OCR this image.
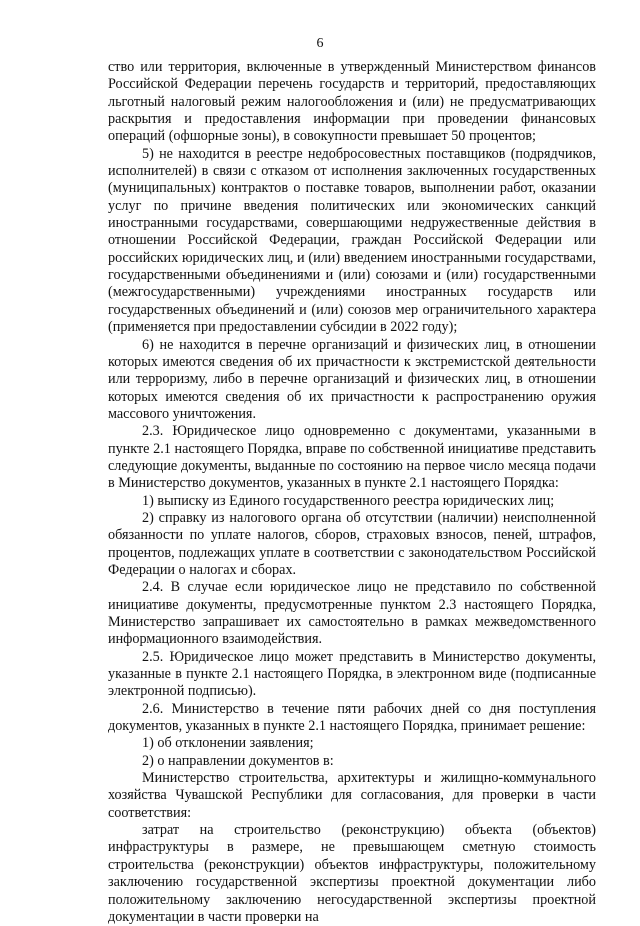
6

ство или территория, включенные в утвержденный Министерством финансов Российской Федерации перечень государств и территорий, предоставляющих льготный налоговый режим налогообложения и (или) не предусматривающих раскрытия и предоставления информации при проведении финансовых операций (офшорные зоны), в совокупности превышает 50 процентов;

5) не находится в реестре недобросовестных поставщиков (подрядчиков, исполнителей) в связи с отказом от исполнения заключенных государственных (муниципальных) контрактов о поставке товаров, выполнении работ, оказании услуг по причине введения политических или экономических санкций иностранными государствами, совершающими недружественные действия в отношении Российской Федерации, граждан Российской Федерации или российских юридических лиц, и (или) введением иностранными государствами, государственными объединениями и (или) союзами и (или) государственными (межгосударственными) учреждениями иностранных государств или государственных объединений и (или) союзов мер ограничительного характера (применяется при предоставлении субсидии в 2022 году);

6) не находится в перечне организаций и физических лиц, в отношении которых имеются сведения об их причастности к экстремистской деятельности или терроризму, либо в перечне организаций и физических лиц, в отношении которых имеются сведения об их причастности к распространению оружия массового уничтожения.

2.3. Юридическое лицо одновременно с документами, указанными в пункте 2.1 настоящего Порядка, вправе по собственной инициативе представить следующие документы, выданные по состоянию на первое число месяца подачи в Министерство документов, указанных в пункте 2.1 настоящего Порядка:

1) выписку из Единого государственного реестра юридических лиц;

2) справку из налогового органа об отсутствии (наличии) неисполненной обязанности по уплате налогов, сборов, страховых взносов, пеней, штрафов, процентов, подлежащих уплате в соответствии с законодательством Российской Федерации о налогах и сборах.

2.4. В случае если юридическое лицо не представило по собственной инициативе документы, предусмотренные пунктом 2.3 настоящего Порядка, Министерство запрашивает их самостоятельно в рамках межведомственного информационного взаимодействия.

2.5. Юридическое лицо может представить в Министерство документы, указанные в пункте 2.1 настоящего Порядка, в электронном виде (подписанные электронной подписью).

2.6. Министерство в течение пяти рабочих дней со дня поступления документов, указанных в пункте 2.1 настоящего Порядка, принимает решение:

1) об отклонении заявления;

2) о направлении документов в:

Министерство строительства, архитектуры и жилищно-коммунального хозяйства Чувашской Республики для согласования, для проверки в части соответствия:

затрат на строительство (реконструкцию) объекта (объектов) инфраструктуры в размере, не превышающем сметную стоимость строительства (реконструкции) объектов инфраструктуры, положительному заключению государственной экспертизы проектной документации либо положительному заключению негосударственной экспертизы проектной документации в части проверки на
